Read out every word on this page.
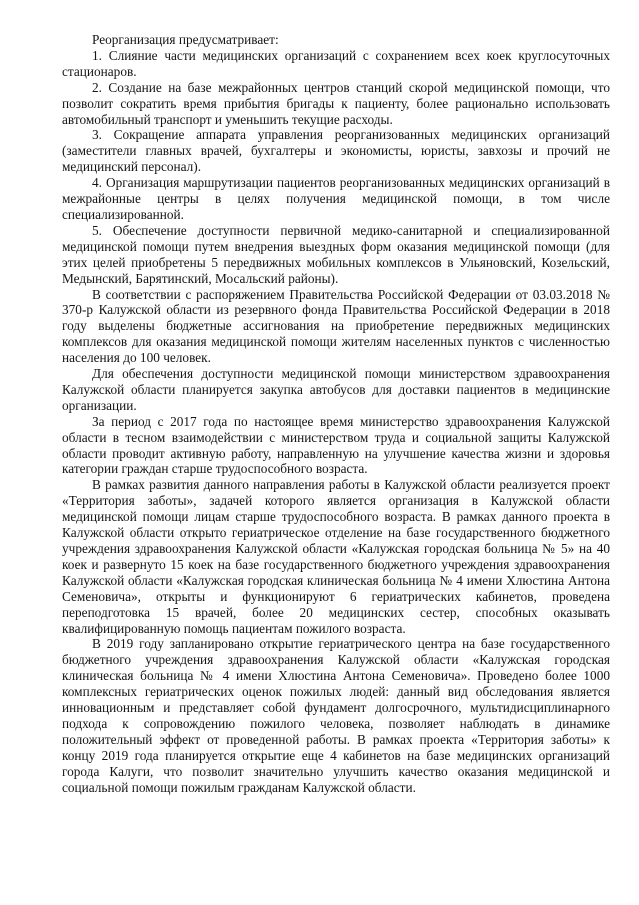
Реорганизация предусматривает:

1. Слияние части медицинских организаций с сохранением всех коек круглосуточных стационаров.

2. Создание на базе межрайонных центров станций скорой медицинской помощи, что позволит сократить время прибытия бригады к пациенту, более рационально использовать автомобильный транспорт и уменьшить текущие расходы.

3. Сокращение аппарата управления реорганизованных медицинских организаций (заместители главных врачей, бухгалтеры и экономисты, юристы, завхозы и прочий не медицинский персонал).

4. Организация маршрутизации пациентов реорганизованных медицинских организаций в межрайонные центры в целях получения медицинской помощи, в том числе специализированной.

5. Обеспечение доступности первичной медико-санитарной и специализированной медицинской помощи путем внедрения выездных форм оказания медицинской помощи (для этих целей приобретены 5 передвижных мобильных комплексов в Ульяновский, Козельский, Медынский, Барятинский, Мосальский районы).

В соответствии с распоряжением Правительства Российской Федерации от 03.03.2018 № 370-р Калужской области из резервного фонда Правительства Российской Федерации в 2018 году выделены бюджетные ассигнования на приобретение передвижных медицинских комплексов для оказания медицинской помощи жителям населенных пунктов с численностью населения до 100 человек.

Для обеспечения доступности медицинской помощи министерством здравоохранения Калужской области планируется закупка автобусов для доставки пациентов в медицинские организации.

За период с 2017 года по настоящее время министерство здравоохранения Калужской области в тесном взаимодействии с министерством труда и социальной защиты Калужской области проводит активную работу, направленную на улучшение качества жизни и здоровья категории граждан старше трудоспособного возраста.

В рамках развития данного направления работы в Калужской области реализуется проект «Территория заботы», задачей которого является организация в Калужской области медицинской помощи лицам старше трудоспособного возраста. В рамках данного проекта в Калужской области открыто гериатрическое отделение на базе государственного бюджетного учреждения здравоохранения Калужской области «Калужская городская больница № 5» на 40 коек и развернуто 15 коек на базе государственного бюджетного учреждения здравоохранения Калужской области «Калужская городская клиническая больница № 4 имени Хлюстина Антона Семеновича», открыты и функционируют 6 гериатрических кабинетов, проведена переподготовка 15 врачей, более 20 медицинских сестер, способных оказывать квалифицированную помощь пациентам пожилого возраста.

В 2019 году запланировано открытие гериатрического центра на базе государственного бюджетного учреждения здравоохранения Калужской области «Калужская городская клиническая больница № 4 имени Хлюстина Антона Семеновича». Проведено более 1000 комплексных гериатрических оценок пожилых людей: данный вид обследования является инновационным и представляет собой фундамент долгосрочного, мультидисциплинарного подхода к сопровождению пожилого человека, позволяет наблюдать в динамике положительный эффект от проведенной работы. В рамках проекта «Территория заботы» к концу 2019 года планируется открытие еще 4 кабинетов на базе медицинских организаций города Калуги, что позволит значительно улучшить качество оказания медицинской и социальной помощи пожилым гражданам Калужской области.
